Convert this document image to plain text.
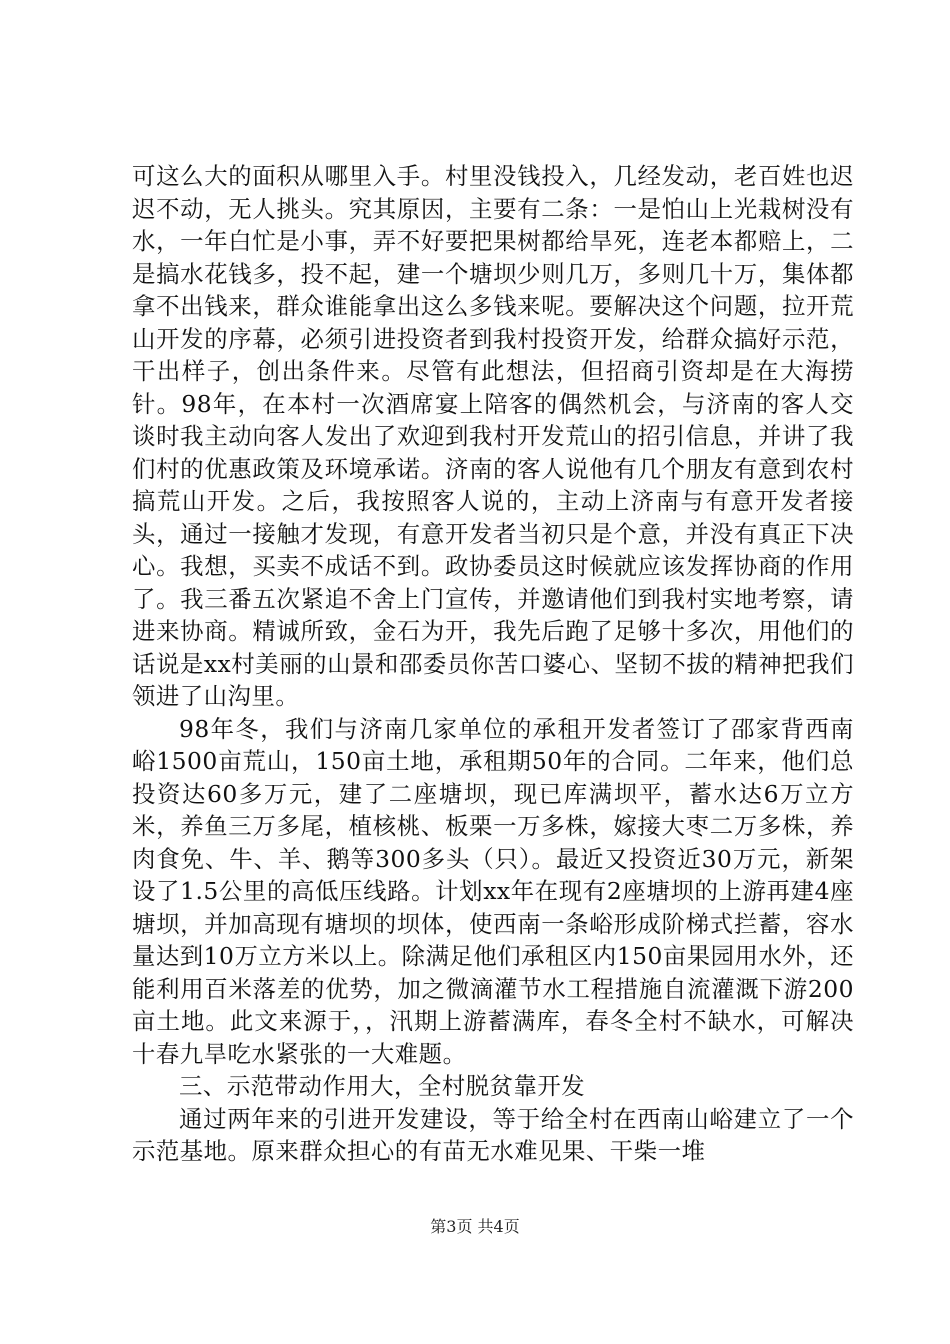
可这么大的面积从哪里入手。村里没钱投入，几经发动，老百姓也迟迟不动，无人挑头。究其原因，主要有二条：一是怕山上光栽树没有水，一年白忙是小事，弄不好要把果树都给旱死，连老本都赔上，二是搞水花钱多，投不起，建一个塘坝少则几万，多则几十万，集体都拿不出钱来，群众谁能拿出这么多钱来呢。要解决这个问题，拉开荒山开发的序幕，必须引进投资者到我村投资开发，给群众搞好示范，干出样子，创出条件来。尽管有此想法，但招商引资却是在大海捞针。98年，在本村一次酒席宴上陪客的偶然机会，与济南的客人交谈时我主动向客人发出了欢迎到我村开发荒山的招引信息，并讲了我们村的优惠政策及环境承诺。济南的客人说他有几个朋友有意到农村搞荒山开发。之后，我按照客人说的，主动上济南与有意开发者接头，通过一接触才发现，有意开发者当初只是个意，并没有真正下决心。我想，买卖不成话不到。政协委员这时候就应该发挥协商的作用了。我三番五次紧追不舍上门宣传，并邀请他们到我村实地考察，请进来协商。精诚所致，金石为开，我先后跑了足够十多次，用他们的话说是xx村美丽的山景和邵委员你苦口婆心、坚韧不拔的精神把我们领进了山沟里。

98年冬，我们与济南几家单位的承租开发者签订了邵家背西南峪1500亩荒山，150亩土地，承租期50年的合同。二年来，他们总投资达60多万元，建了二座塘坝，现已库满坝平，蓄水达6万立方米，养鱼三万多尾，植核桃、板栗一万多株，嫁接大枣二万多株，养肉食免、牛、羊、鹅等300多头（只）。最近又投资近30万元，新架设了1.5公里的高低压线路。计划xx年在现有2座塘坝的上游再建4座塘坝，并加高现有塘坝的坝体，使西南一条峪形成阶梯式拦蓄，容水量达到10万立方米以上。除满足他们承租区内150亩果园用水外，还能利用百米落差的优势，加之微滴灌节水工程措施自流灌溉下游200亩土地。此文来源于，，汛期上游蓄满库，春冬全村不缺水，可解决十春九旱吃水紧张的一大难题。

三、示范带动作用大，全村脱贫靠开发

通过两年来的引进开发建设，等于给全村在西南山峪建立了一个示范基地。原来群众担心的有苗无水难见果、干柴一堆

第3页 共4页
